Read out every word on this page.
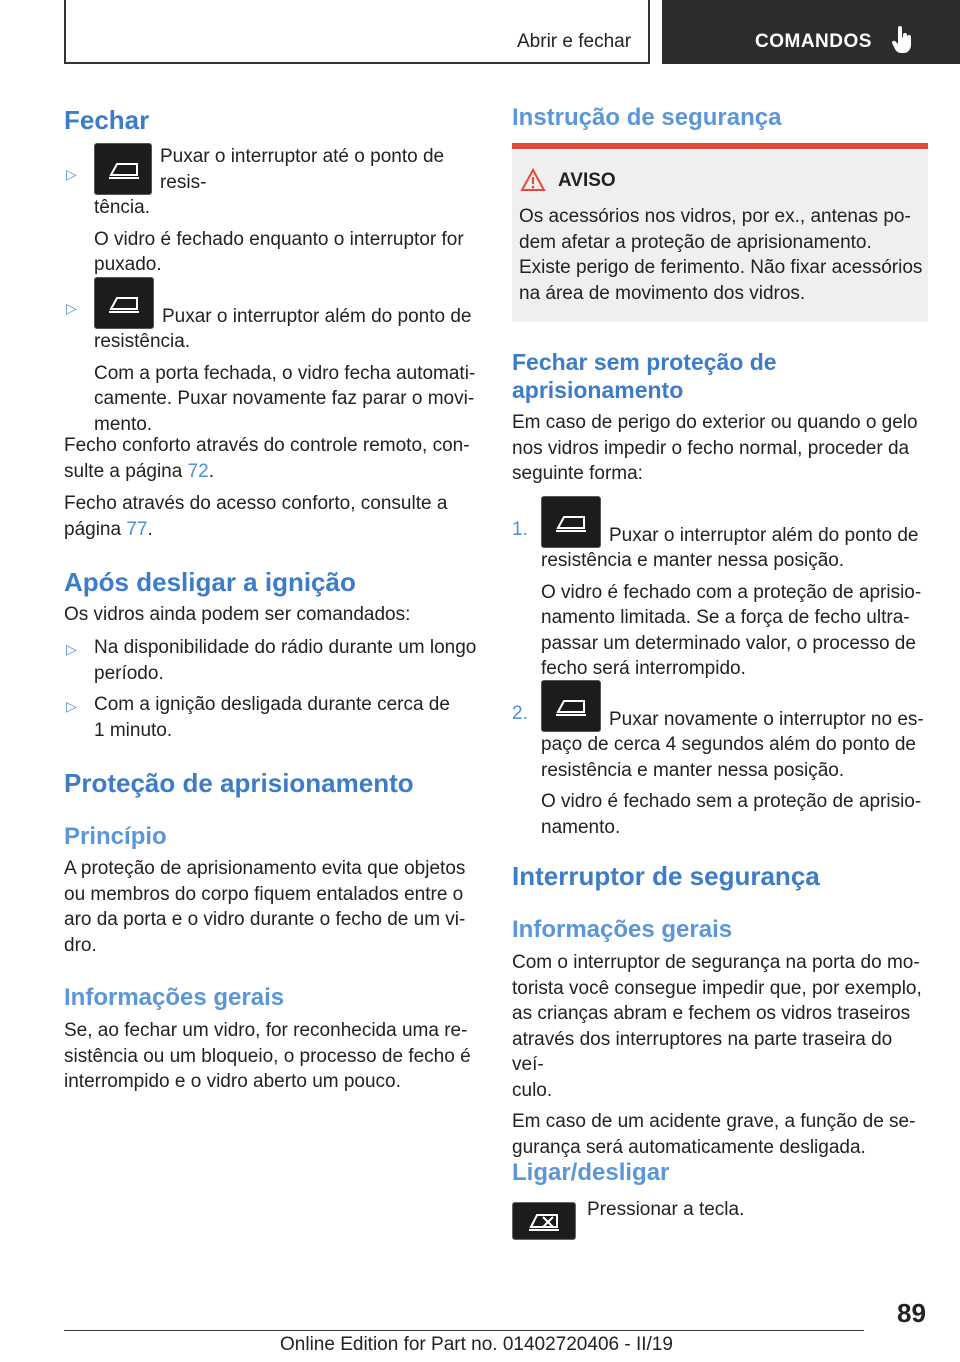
Abrir e fechar	COMANDOS
Fechar
▷
Puxar o interruptor até o ponto de resis-

tência.

O vidro é fechado enquanto o interruptor for

puxado.

▷	Puxar o interruptor além do ponto de

resistência.

Com a porta fechada, o vidro fecha automati-

camente. Puxar novamente faz parar o movi-

mento.

Fecho conforto através do controle remoto, con-

sulte a página 72.

Fecho através do acesso conforto, consulte a

página 77.

Após desligar a ignição

Os vidros ainda podem ser comandados:

▷ Na disponibilidade do rádio durante um longo

período.

▷ Com a ignição desligada durante cerca de

1 minuto.

Proteção de aprisionamento
Princípio

A proteção de aprisionamento evita que objetos

ou membros do corpo fiquem entalados entre o

aro da porta e o vidro durante o fecho de um vi-

dro.

Informações gerais

Se, ao fechar um vidro, for reconhecida uma re-

sistência ou um bloqueio, o processo de fecho é

interrompido e o vidro aberto um pouco.

Instrução de segurança
AVISO

Os acessórios nos vidros, por ex., antenas po-

dem afetar a proteção de aprisionamento.

Existe perigo de ferimento. Não fixar acessórios

na área de movimento dos vidros.

Fechar sem proteção de
aprisionamento

Em caso de perigo do exterior ou quando o gelo

nos vidros impedir o fecho normal, proceder da

seguinte forma:

1.	Puxar o interruptor além do ponto de

resistência e manter nessa posição.

O vidro é fechado com a proteção de aprisio-

namento limitada. Se a força de fecho ultra-

passar um determinado valor, o processo de

fecho será interrompido.

2.	Puxar novamente o interruptor no es-

paço de cerca 4 segundos além do ponto de

resistência e manter nessa posição.

O vidro é fechado sem a proteção de aprisio-

namento.

Interruptor de segurança
Informações gerais

Com o interruptor de segurança na porta do mo-

torista você consegue impedir que, por exemplo,

as crianças abram e fechem os vidros traseiros

através dos interruptores na parte traseira do veí-

culo.

Em caso de um acidente grave, a função de se-

gurança será automaticamente desligada.

Ligar/desligar

Pressionar a tecla.

89
Online Edition for Part no. 01402720406 - II/19
